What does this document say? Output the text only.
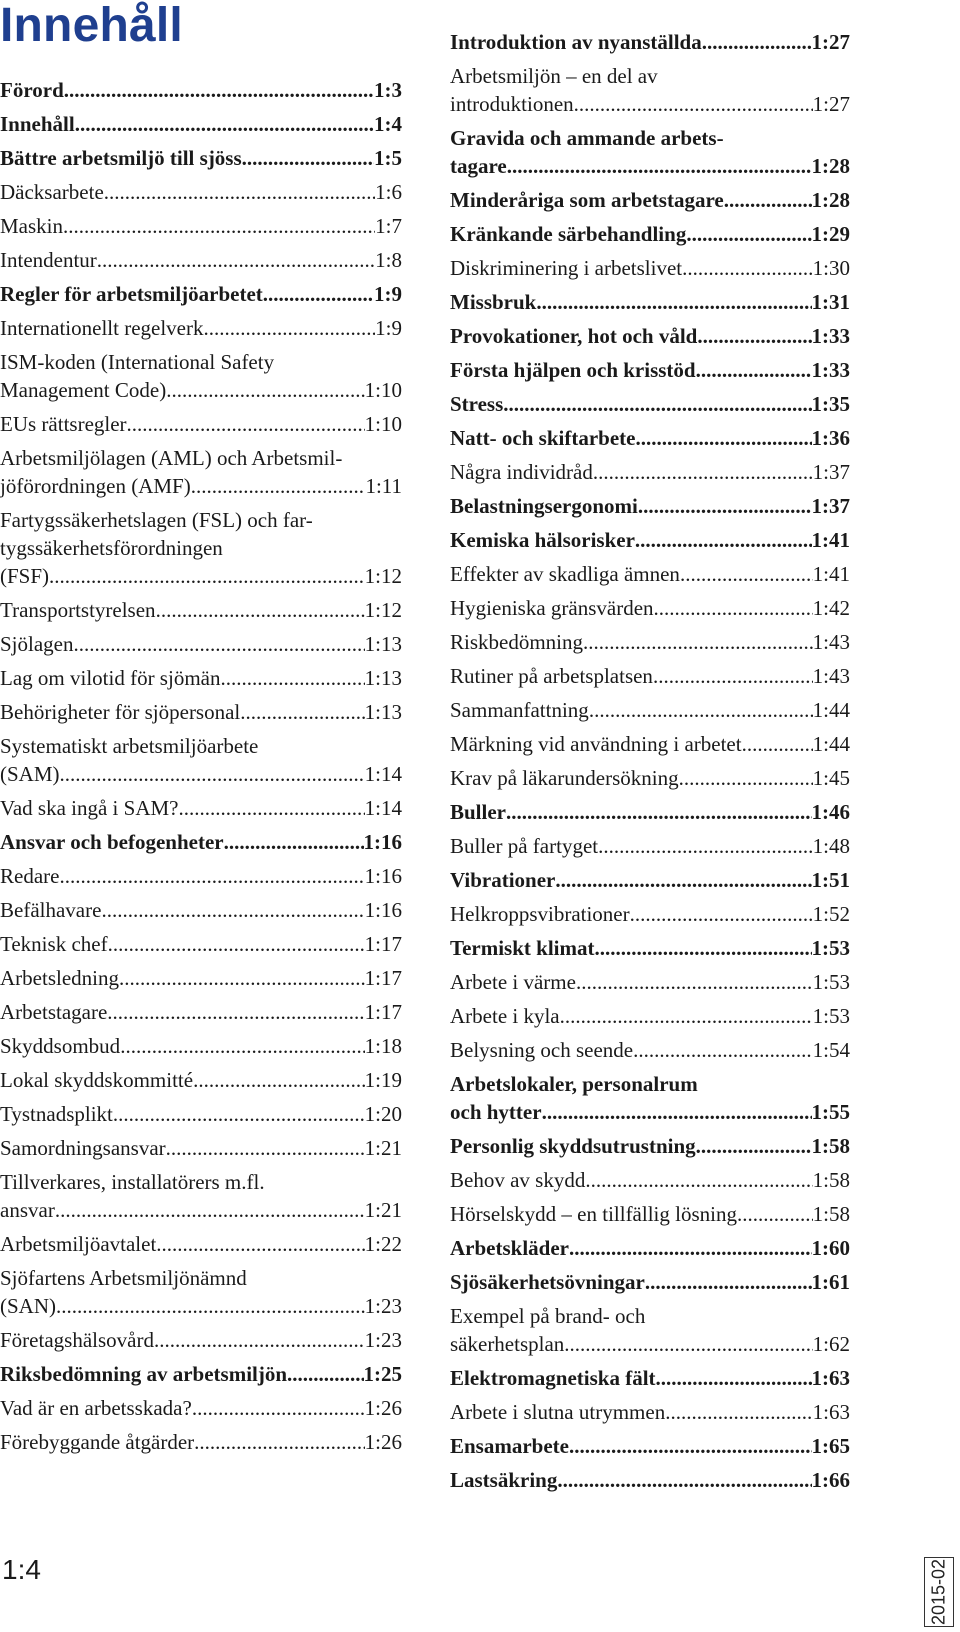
Innehåll
Förord .....	1:3
Innehåll .....	1:4
Bättre arbetsmiljö till sjöss .....	1:5
Däcksarbete .....	1:6
Maskin .....	1:7
Intendentur .....	1:8
Regler för arbetsmiljöarbetet .....	1:9
Internationellt regelverk .....	1:9
ISM-koden (International Safety
Management Code) .....	1:10
EUs rättsregler .....	1:10
Arbetsmiljölagen (AML) och Arbetsmil-
jöförordningen (AMF) .....	1:11
Fartygssäkerhetslagen (FSL) och far-
tygssäkerhetsförordningen
(FSF) .....	1:12
Transportstyrelsen .....	1:12
Sjölagen .....	1:13
Lag om vilotid för sjömän .....	1:13
Behörigheter för sjöpersonal .....	1:13
Systematiskt arbetsmiljöarbete
(SAM) .....	1:14
Vad ska ingå i SAM? .....	1:14
Ansvar och befogenheter .....	1:16
Redare .....	1:16
Befälhavare .....	1:16
Teknisk chef .....	1:17
Arbetsledning .....	1:17
Arbetstagare .....	1:17
Skyddsombud .....	1:18
Lokal skyddskommitté .....	1:19
Tystnadsplikt .....	1:20
Samordningsansvar .....	1:21
Tillverkares, installatörers m.fl.
ansvar .....	1:21
Arbetsmiljöavtalet .....	1:22
Sjöfartens Arbetsmiljönämnd
(SAN) .....	1:23
Företagshälsovård .....	1:23
Riksbedömning av arbetsmiljön .....	1:25
Vad är en arbetsskada? .....	1:26
Förebyggande åtgärder .....	1:26
Introduktion av nyanställda .....	1:27
Arbetsmiljön – en del av
introduktionen .....	1:27
Gravida och ammande arbets-
tagare .....	1:28
Minderåriga som arbetstagare .....	1:28
Kränkande särbehandling .....	1:29
Diskriminering i arbetslivet .....	1:30
Missbruk .....	1:31
Provokationer, hot och våld .....	1:33
Första hjälpen och krisstöd .....	1:33
Stress .....	1:35
Natt- och skiftarbete .....	1:36
Några individråd .....	1:37
Belastningsergonomi .....	1:37
Kemiska hälsorisker .....	1:41
Effekter av skadliga ämnen .....	1:41
Hygieniska gränsvärden .....	1:42
Riskbedömning .....	1:43
Rutiner på arbetsplatsen .....	1:43
Sammanfattning .....	1:44
Märkning vid användning i arbetet .....	1:44
Krav på läkarundersökning .....	1:45
Buller .....	1:46
Buller på fartyget .....	1:48
Vibrationer .....	1:51
Helkroppsvibrationer .....	1:52
Termiskt klimat .....	1:53
Arbete i värme .....	1:53
Arbete i kyla .....	1:53
Belysning och seende .....	1:54
Arbetslokaler, personalrum
och hytter .....	1:55
Personlig skyddsutrustning .....	1:58
Behov av skydd .....	1:58
Hörselskydd – en tillfällig lösning .....	1:58
Arbetskläder .....	1:60
Sjösäkerhetsövningar .....	1:61
Exempel på brand- och
säkerhetsplan .....	1:62
Elektromagnetiska fält .....	1:63
Arbete i slutna utrymmen .....	1:63
Ensamarbete .....	1:65
Lastsäkring .....	1:66
1:4	2015-02
